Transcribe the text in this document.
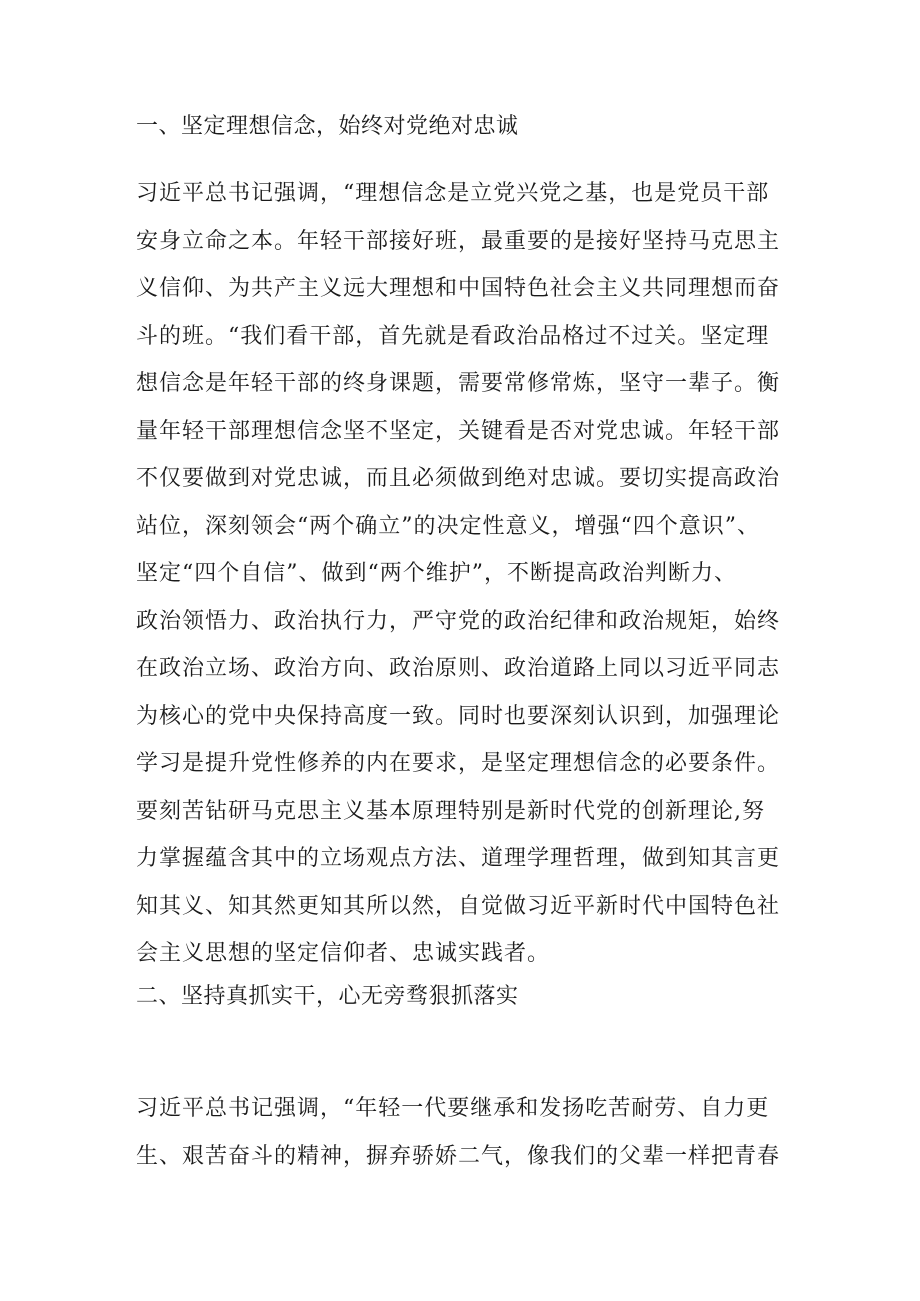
一、坚定理想信念，始终对党绝对忠诚
习近平总书记强调，“理想信念是立党兴党之基，也是党员干部
安身立命之本。年轻干部接好班，最重要的是接好坚持马克思主
义信仰、为共产主义远大理想和中国特色社会主义共同理想而奋
斗的班。“我们看干部，首先就是看政治品格过不过关。坚定理
想信念是年轻干部的终身课题，需要常修常炼，坚守一辈子。衡
量年轻干部理想信念坚不坚定，关键看是否对党忠诚。年轻干部
不仅要做到对党忠诚，而且必须做到绝对忠诚。要切实提高政治
站位，深刻领会“两个确立”的决定性意义，增强“四个意识”、
坚定“四个自信”、做到“两个维护”，不断提高政治判断力、
政治领悟力、政治执行力，严守党的政治纪律和政治规矩，始终
在政治立场、政治方向、政治原则、政治道路上同以习近平同志
为核心的党中央保持高度一致。同时也要深刻认识到，加强理论
学习是提升党性修养的内在要求，是坚定理想信念的必要条件。
要刻苦钻研马克思主义基本原理特别是新时代党的创新理论,努
力掌握蕴含其中的立场观点方法、道理学理哲理，做到知其言更
知其义、知其然更知其所以然，自觉做习近平新时代中国特色社
会主义思想的坚定信仰者、忠诚实践者。
二、坚持真抓实干，心无旁骛狠抓落实
习近平总书记强调，“年轻一代要继承和发扬吃苦耐劳、自力更
生、艰苦奋斗的精神，摒弃骄娇二气，像我们的父辈一样把青春
